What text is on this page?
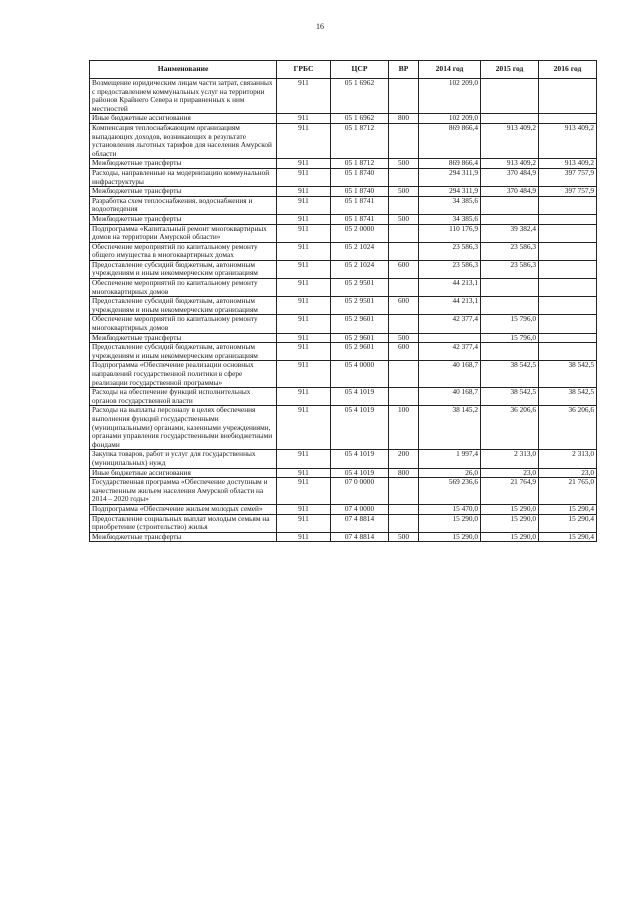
16
Наименование	ГРБС	ЦСР	ВР	2014 год	2015 год	2016 год
Возмещение юридическим лицам части затрат, связанных с предоставлением коммунальных услуг на территории районов Крайнего Севера и приравненных к ним местностей	911	05 1 6962		102 209,0		
Иные бюджетные ассигнования	911	05 1 6962	800	102 209,0		
Компенсация теплоснабжающим организациям выпадающих доходов, возникающих в результате установления льготных тарифов для населения Амурской области	911	05 1 8712		869 866,4	913 409,2	913 409,2
Межбюджетные трансферты	911	05 1 8712	500	869 866,4	913 409,2	913 409,2
Расходы, направленные на модернизацию коммунальной инфраструктуры	911	05 1 8740		294 311,9	370 484,9	397 757,9
Межбюджетные трансферты	911	05 1 8740	500	294 311,9	370 484,9	397 757,9
Разработка схем теплоснабжения, водоснабжения и водоотведения	911	05 1 8741		34 385,6		
Межбюджетные трансферты	911	05 1 8741	500	34 385,6		
Подпрограмма «Капитальный ремонт многоквартирных домов на территории Амурской области»	911	05 2 0000		110 176,9	39 382,4	
Обеспечение мероприятий по капитальному ремонту общего имущества в многоквартирных домах	911	05 2 1024		23 586,3	23 586,3	
Предоставление субсидий бюджетным, автономным учреждениям и иным некоммерческим организациям	911	05 2 1024	600	23 586,3	23 586,3	
Обеспечение мероприятий по капитальному ремонту многоквартирных домов	911	05 2 9501		44 213,1		
Предоставление субсидий бюджетным, автономным учреждениям и иным некоммерческим организациям	911	05 2 9501	600	44 213,1		
Обеспечение мероприятий по капитальному ремонту многоквартирных домов	911	05 2 9601		42 377,4	15 796,0	
Межбюджетные трансферты	911	05 2 9601	500		15 796,0	
Предоставление субсидий бюджетным, автономным учреждениям и иным некоммерческим организациям	911	05 2 9601	600	42 377,4		
Подпрограмма «Обеспечение реализации основных направлений государственной политики в сфере реализации государственной программы»	911	05 4 0000		40 168,7	38 542,5	38 542,5
Расходы на обеспечение функций исполнительных органов государственной власти	911	05 4 1019		40 168,7	38 542,5	38 542,5
Расходы на выплаты персоналу в целях обеспечения выполнения функций государственными (муниципальными) органами, казенными учреждениями, органами управления государственными внебюджетными фондами	911	05 4 1019	100	38 145,2	36 206,6	36 206,6
Закупка товаров, работ и услуг для государственных (муниципальных) нужд	911	05 4 1019	200	1 997,4	2 313,0	2 313,0
Иные бюджетные ассигнования	911	05 4 1019	800	26,0	23,0	23,0
Государственная программа «Обеспечение доступным и качественным жильем населения Амурской области на 2014 – 2020 годы»	911	07 0 0000		569 236,6	21 764,9	21 765,0
Подпрограмма «Обеспечение жильем молодых семей»	911	07 4 0000		15 470,0	15 290,0	15 290,4
Предоставление социальных выплат молодым семьям на приобретение (строительство) жилья	911	07 4 8814		15 290,0	15 290,0	15 290,4
Межбюджетные трансферты	911	07 4 8814	500	15 290,0	15 290,0	15 290,4
